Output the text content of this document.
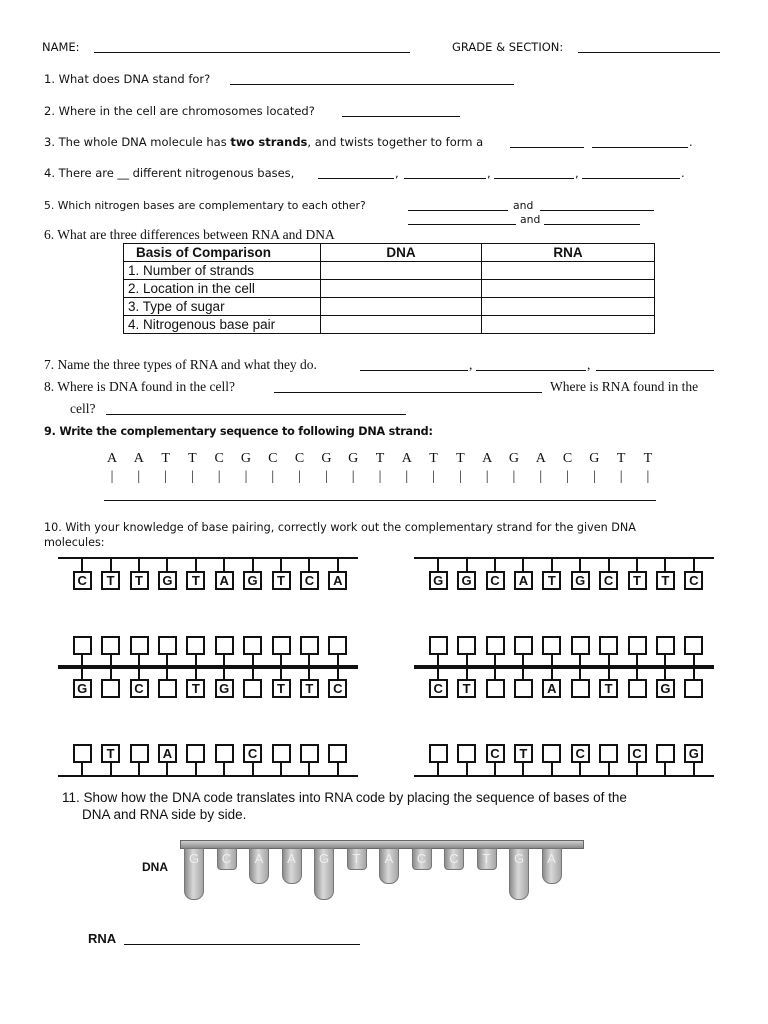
NAME:	GRADE & SECTION:
1. What does DNA stand for?
2. Where in the cell are chromosomes located?
3. The whole DNA molecule has two strands, and twists together to form a	.
4. There are __ different nitrogenous bases,	,	,	,	.
5. Which nitrogen bases are complementary to each other?	and
and
6. What are three differences between RNA and DNA
Basis of Comparison	DNA	RNA
1. Number of strands		
2. Location in the cell		
3. Type of sugar		
4. Nitrogenous base pair		
7. Name the three types of RNA and what they do.	,	,
8. Where is DNA found in the cell?	Where is RNA found in the
cell?
9. Write the complementary sequence to following DNA strand:
A
|
A
|
T
|
T
|
C
|
G
|
C
|
C
|
G
|
G
|
T
|
A
|
T
|
T
|
A
|
G
|
A
|
C
|
G
|
T
|
T
|
10. With your knowledge of base pairing, correctly work out the complementary strand for the given DNA
molecules:
C	T	T	G	T	A	G	T	C	A	G	G	C	A	T	G	C	T	T	C
G
T
C
A
T	G
C
T	T	C	C	T
C	T
A
C
T
C
G
G
11. Show how the DNA code translates into RNA code by placing the sequence of bases of the
DNA and RNA side by side.
DNA
G	C	A	A	G	T	A	C	C	T	G	A
RNA
